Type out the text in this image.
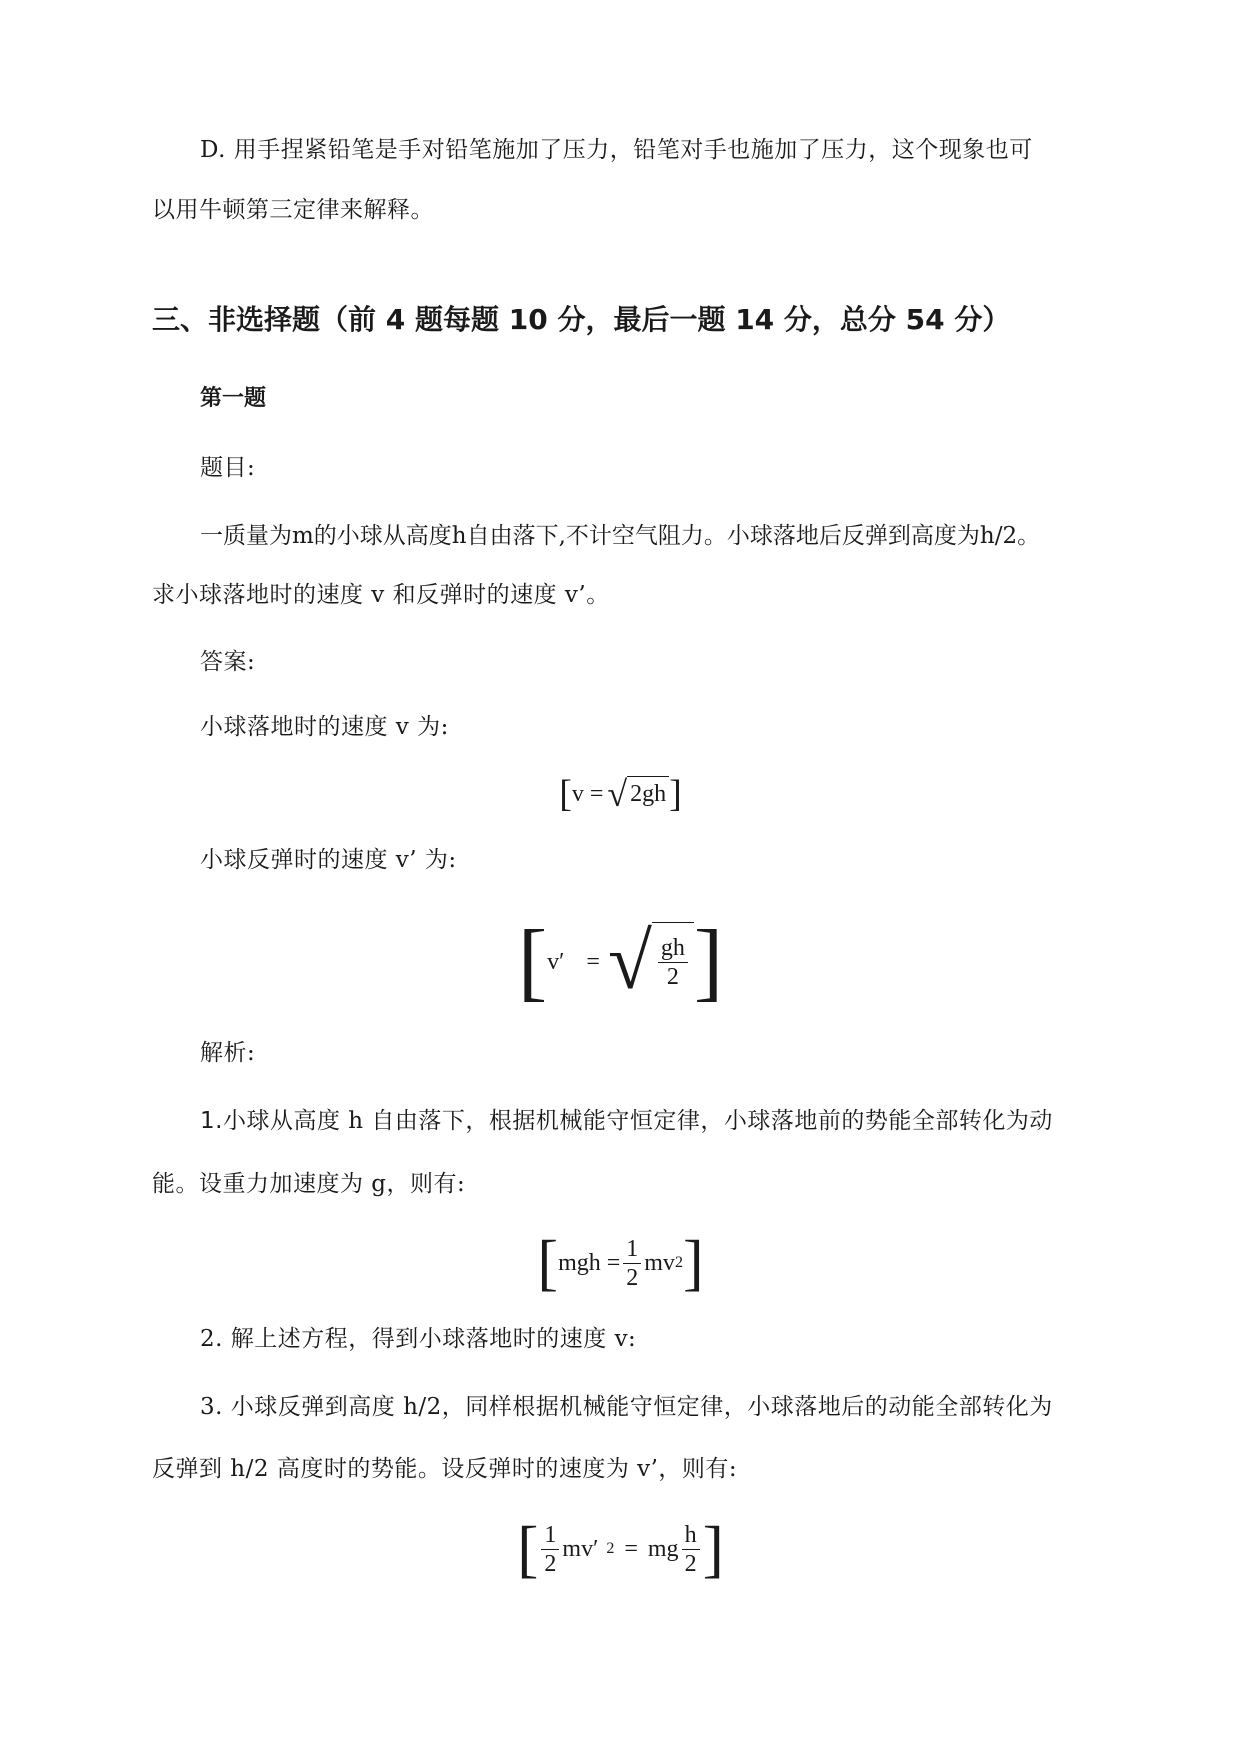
D. 用手捏紧铅笔是手对铅笔施加了压力，铅笔对手也施加了压力，这个现象也可
以用牛顿第三定律来解释。
三、非选择题（前 4 题每题 10 分，最后一题 14 分，总分 54 分）
第一题
题目:
一质量为m的小球从高度h自由落下,不计空气阻力。小球落地后反弹到高度为h/2。
求小球落地时的速度 v 和反弹时的速度 v’。
答案:
小球落地时的速度 v 为:
[ v = √ 2gh ]
小球反弹时的速度 v’ 为:
[ v′ = √ $\frac{gh}{2}$ ]
解析:
1.小球从高度 h 自由落下，根据机械能守恒定律，小球落地前的势能全部转化为动
能。设重力加速度为 g，则有:
[ mgh = $\frac{1}{2}$ mv 2 ]
2. 解上述方程，得到小球落地时的速度 v:
3. 小球反弹到高度 h/2，同样根据机械能守恒定律，小球落地后的动能全部转化为
反弹到 h/2 高度时的势能。设反弹时的速度为 v’，则有:
[ $\frac{1}{2} mv'$ 2 = mg $\frac{h}{2}$ ]
